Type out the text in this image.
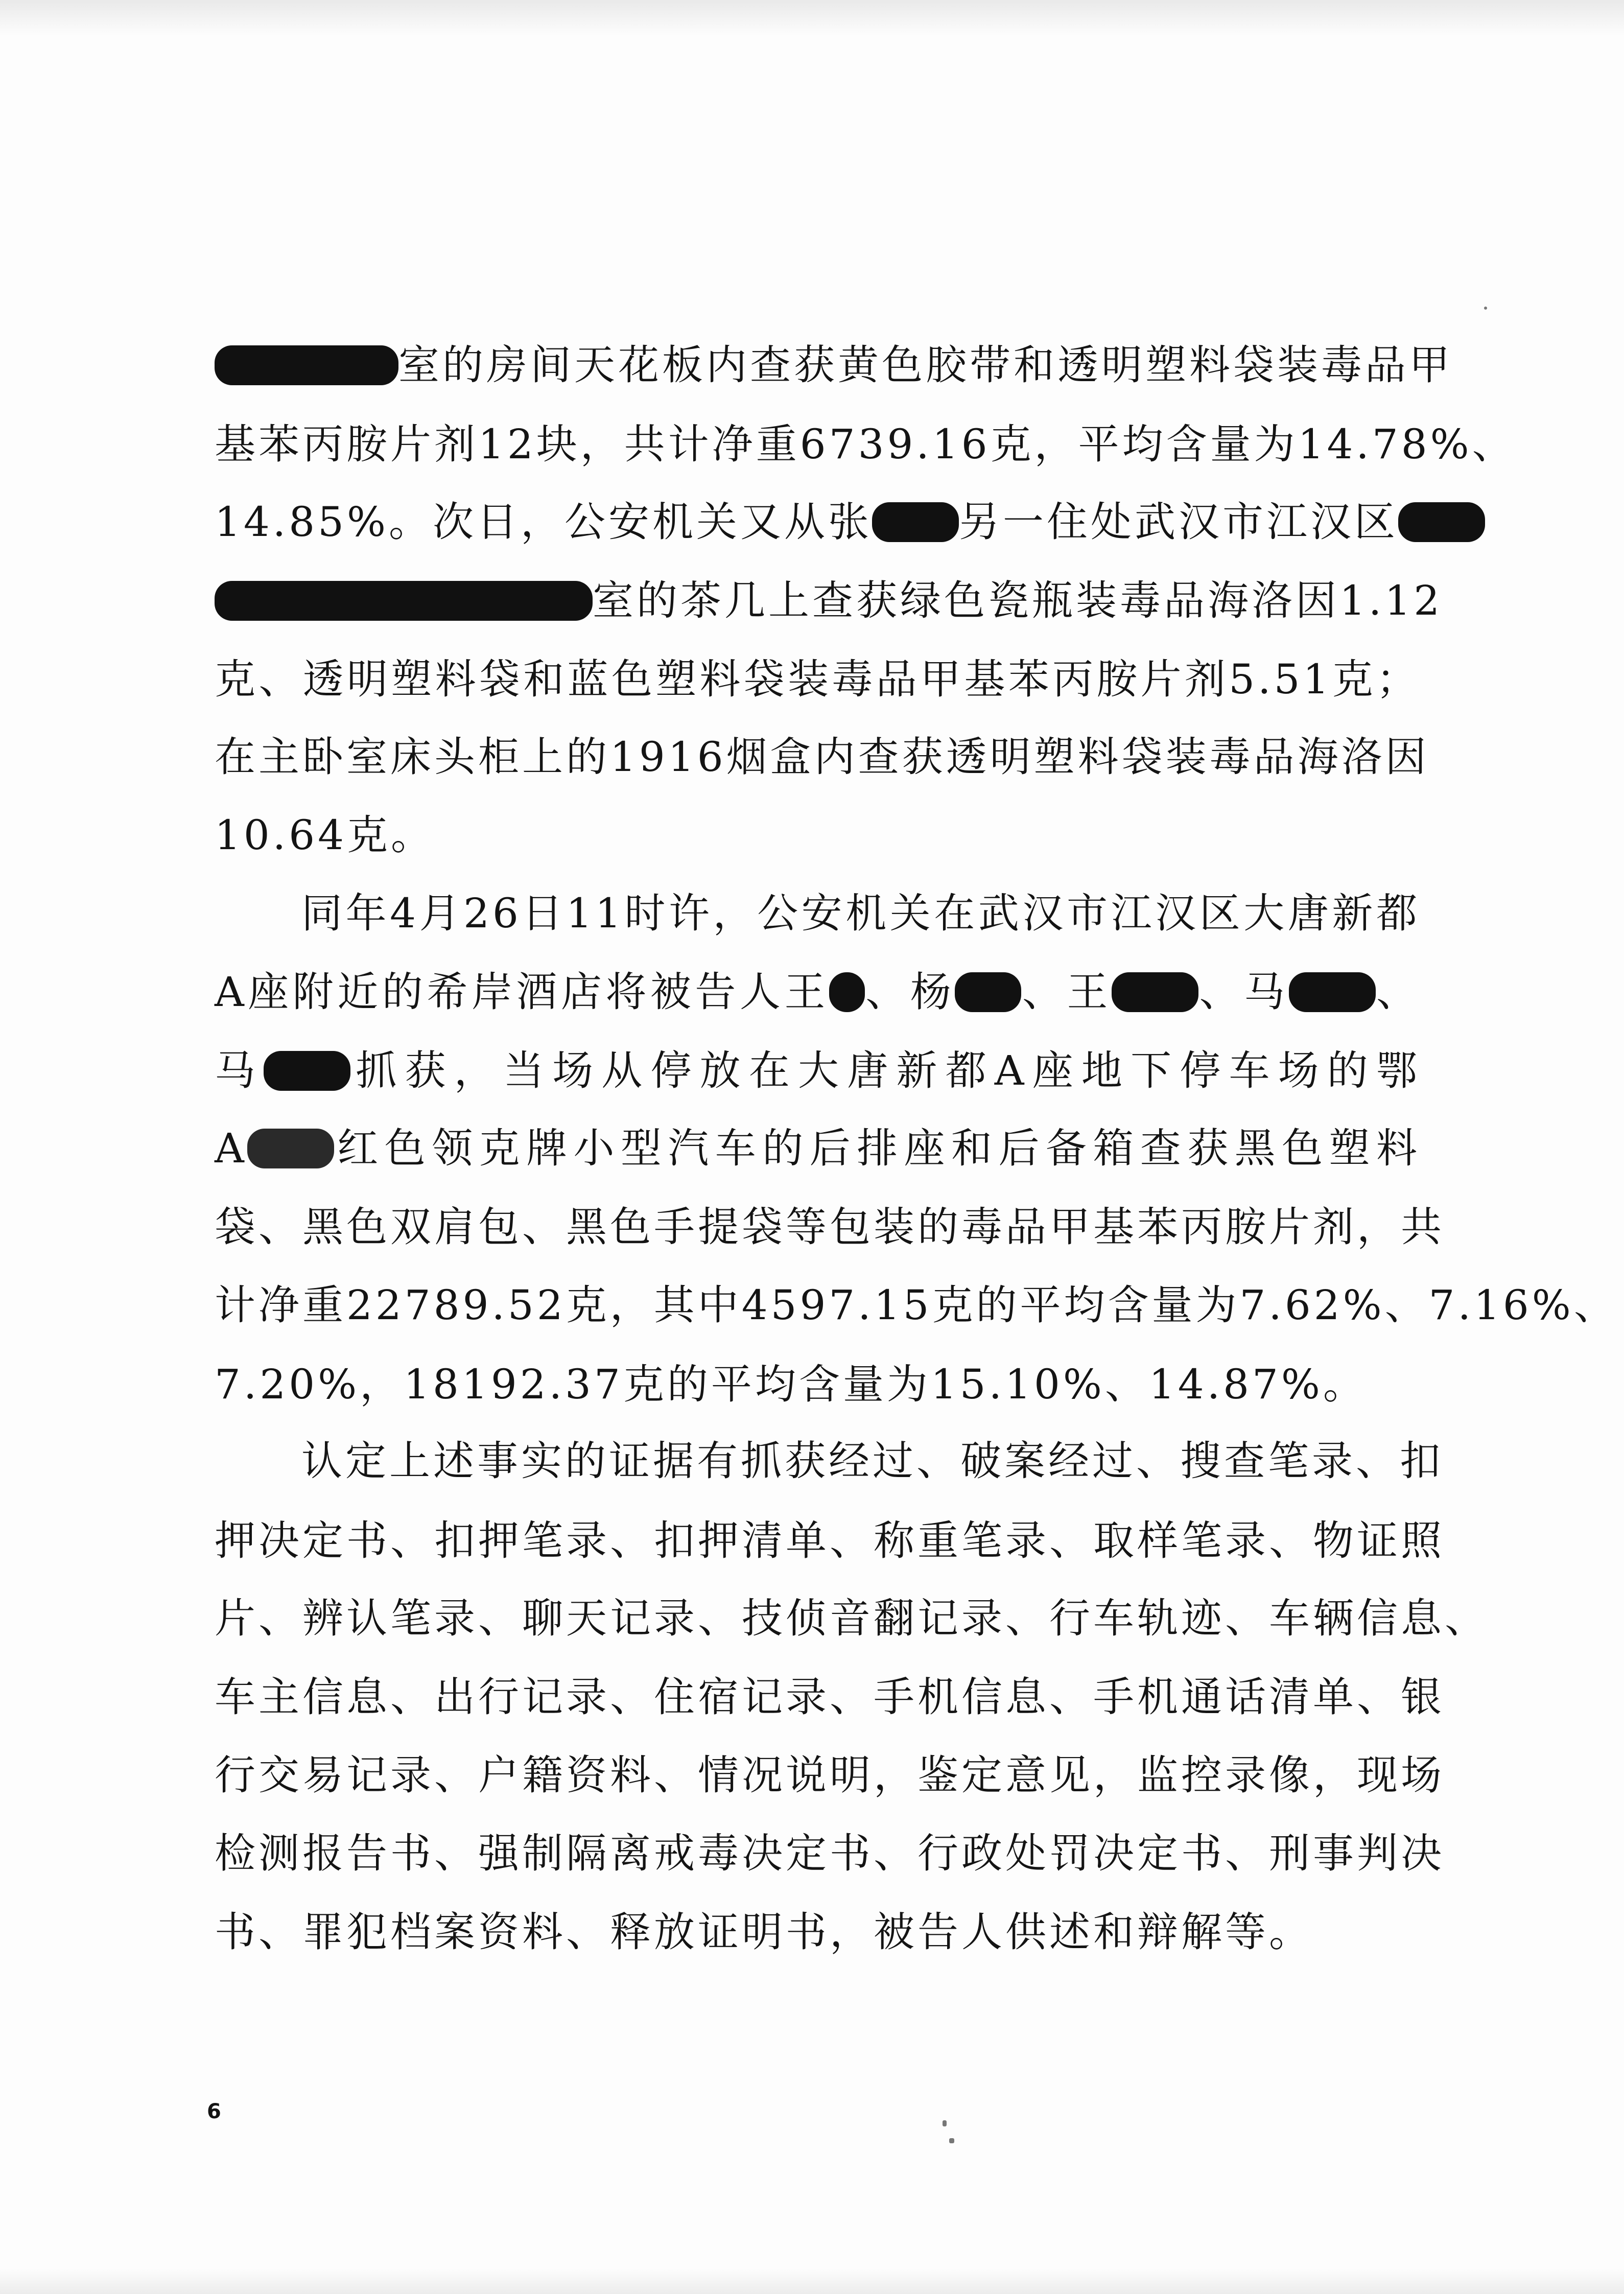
室的房间天花板内查获黄色胶带和透明塑料袋装毒品甲
基苯丙胺片剂12块，共计净重6739.16克，平均含量为14.78%、
14.85%。次日，公安机关又从张 另一住处武汉市江汉区
室的茶几上查获绿色瓷瓶装毒品海洛因1.12
克、透明塑料袋和蓝色塑料袋装毒品甲基苯丙胺片剂5.51克；
在主卧室床头柜上的1916烟盒内查获透明塑料袋装毒品海洛因
10.64克。
同年4月26日11时许，公安机关在武汉市江汉区大唐新都
A座附近的希岸酒店将被告人王 、杨 、王 、马 、
马 抓获，当场从停放在大唐新都A座地下停车场的鄂
A 红色领克牌小型汽车的后排座和后备箱查获黑色塑料
袋、黑色双肩包、黑色手提袋等包装的毒品甲基苯丙胺片剂，共
计净重22789.52克，其中4597.15克的平均含量为7.62%、7.16%、
7.20%，18192.37克的平均含量为15.10%、14.87%。
认定上述事实的证据有抓获经过、破案经过、搜查笔录、扣
押决定书、扣押笔录、扣押清单、称重笔录、取样笔录、物证照
片、辨认笔录、聊天记录、技侦音翻记录、行车轨迹、车辆信息、
车主信息、出行记录、住宿记录、手机信息、手机通话清单、银
行交易记录、户籍资料、情况说明，鉴定意见，监控录像，现场
检测报告书、强制隔离戒毒决定书、行政处罚决定书、刑事判决
书、罪犯档案资料、释放证明书，被告人供述和辩解等。
6
